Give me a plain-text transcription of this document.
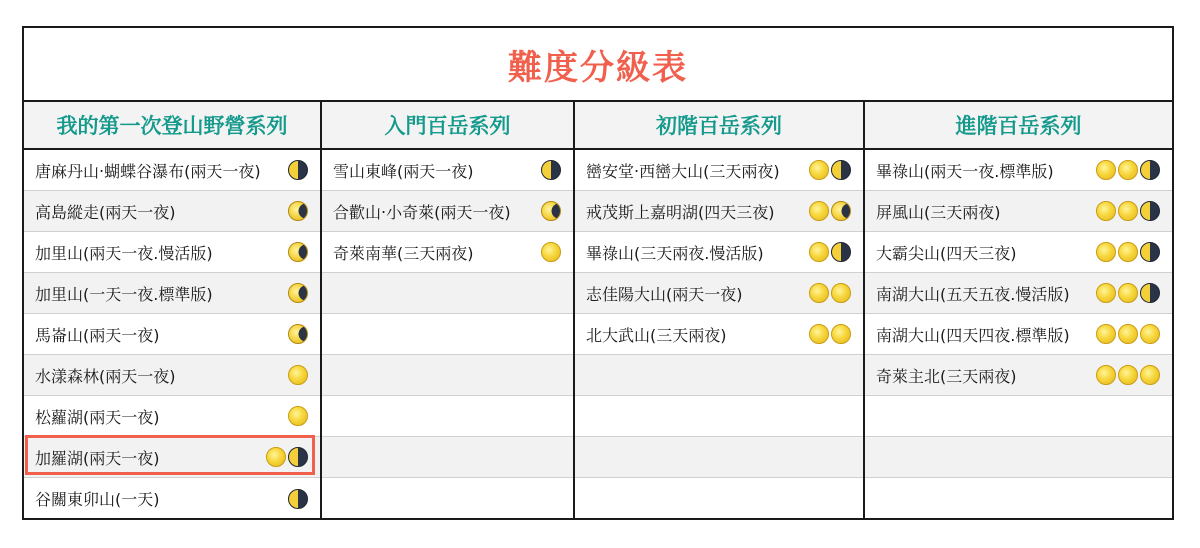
難度分級表
我的第一次登山野營系列
唐麻丹山‧蝴蝶谷瀑布(兩天一夜)
高島縱走(兩天一夜)
加里山(兩天一夜.慢活版)
加里山(一天一夜.標準版)
馬崙山(兩天一夜)
水漾森林(兩天一夜)
松蘿湖(兩天一夜)
加羅湖(兩天一夜)
谷關東卯山(一天)
入門百岳系列
雪山東峰(兩天一夜)
合歡山‧小奇萊(兩天一夜)
奇萊南華(三天兩夜)
初階百岳系列
巒安堂‧西巒大山(三天兩夜)
戒茂斯上嘉明湖(四天三夜)
畢祿山(三天兩夜.慢活版)
志佳陽大山(兩天一夜)
北大武山(三天兩夜)
進階百岳系列
畢祿山(兩天一夜.標準版)
屏風山(三天兩夜)
大霸尖山(四天三夜)
南湖大山(五天五夜.慢活版)
南湖大山(四天四夜.標準版)
奇萊主北(三天兩夜)
